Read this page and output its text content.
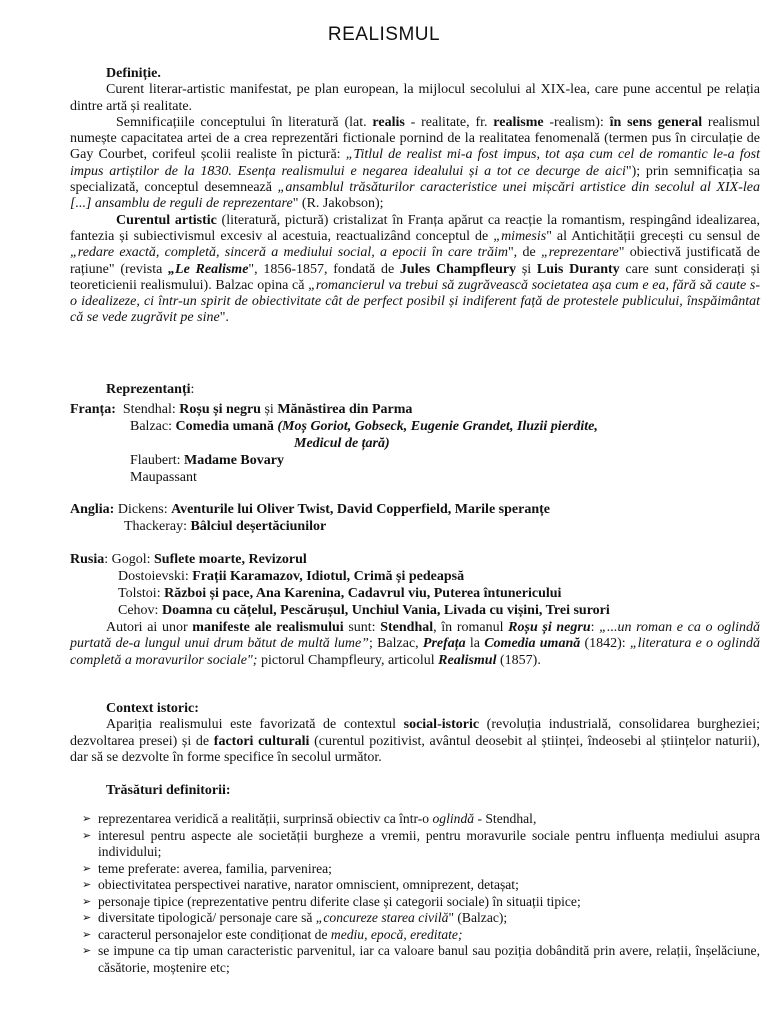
REALISMUL

Definiție.

Curent literar-artistic manifestat, pe plan european, la mijlocul secolului al XIX-lea, care pune accentul pe relația dintre artă și realitate.

Semnificațiile conceptului în literatură (lat. realis - realitate, fr. realisme -realism): în sens general realismul numește capacitatea artei de a crea reprezentări fictionale pornind de la realitatea fenomenală (termen pus în circulație de Gay Courbet, corifeul școlii realiste în pictură: „Titlul de realist mi-a fost impus, tot așa cum cel de romantic le-a fost impus artiștilor de la 1830. Esența realismului e negarea idealului și a tot ce decurge de aici"); prin semnificația sa specializată, conceptul desemnează „ansamblul trăsăturilor caracteristice unei mișcări artistice din secolul al XIX-lea [...] ansamblu de reguli de reprezentare" (R. Jakobson);

Curentul artistic (literatură, pictură) cristalizat în Franța apărut ca reacție la romantism, respingând idealizarea, fantezia și subiectivismul excesiv al acestuia, reactualizând conceptul de „mimesis" al Antichității grecești cu sensul de „redare exactă, completă, sinceră a mediului social, a epocii în care trăim", de „reprezentare" obiectivă justificată de rațiune" (revista „Le Realisme", 1856-1857, fondată de Jules Champfleury și Luis Duranty care sunt considerați și teoreticienii realismului). Balzac opina că „romancierul va trebui să zugrăvească societatea așa cum e ea, fără să caute s-o idealizeze, ci într-un spirit de obiectivitate cât de perfect posibil și indiferent față de protestele publicului, înspăimântat că se vede zugrăvit pe sine".

Reprezentanți:
Franța: Stendhal: Roșu și negru și Mănăstirea din Parma
Balzac: Comedia umană (Moș Goriot, Gobseck, Eugenie Grandet, Iluzii pierdite,
Medicul de țară)
Flaubert: Madame Bovary
Maupassant
Anglia: Dickens: Aventurile lui Oliver Twist, David Copperfield, Marile speranțe
Thackeray: Bâlciul deșertăciunilor
Rusia: Gogol: Suflete moarte, Revizorul
Dostoievski: Frații Karamazov, Idiotul, Crimă și pedeapsă
Tolstoi: Război și pace, Ana Karenina, Cadavrul viu, Puterea întunericului
Cehov: Doamna cu cățelul, Pescărușul, Unchiul Vania, Livada cu vișini, Trei surori

Autori ai unor manifeste ale realismului sunt: Stendhal, în romanul Roșu și negru: „...un roman e ca o oglindă purtată de-a lungul unui drum bătut de multă lume”; Balzac, Prefața la Comedia umană (1842): „literatura e o oglindă completă a moravurilor sociale"; pictorul Champfleury, articolul Realismul (1857).

Context istoric:

Apariția realismului este favorizată de contextul social-istoric (revoluția industrială, consolidarea burgheziei; dezvoltarea presei) și de factori culturali (curentul pozitivist, avântul deosebit al științei, îndeosebi al științelor naturii), dar să se dezvolte în forme specifice în secolul următor.

Trăsături definitorii:

➢ reprezentarea veridică a realității, surprinsă obiectiv ca într-o oglindă - Stendhal,
➢ interesul pentru aspecte ale societății burgheze a vremii, pentru moravurile sociale pentru influența mediului asupra individului;
➢ teme preferate: averea, familia, parvenirea;
➢ obiectivitatea perspectivei narative, narator omniscient, omniprezent, detașat;
➢ personaje tipice (reprezentative pentru diferite clase și categorii sociale) în situații tipice;
➢ diversitate tipologică/ personaje care să „concureze starea civilă" (Balzac);
➢ caracterul personajelor este condiționat de mediu, epocă, ereditate;
➢ se impune ca tip uman caracteristic parvenitul, iar ca valoare banul sau poziția dobândită prin avere, relații, înșelăciune, căsătorie, moștenire etc;
